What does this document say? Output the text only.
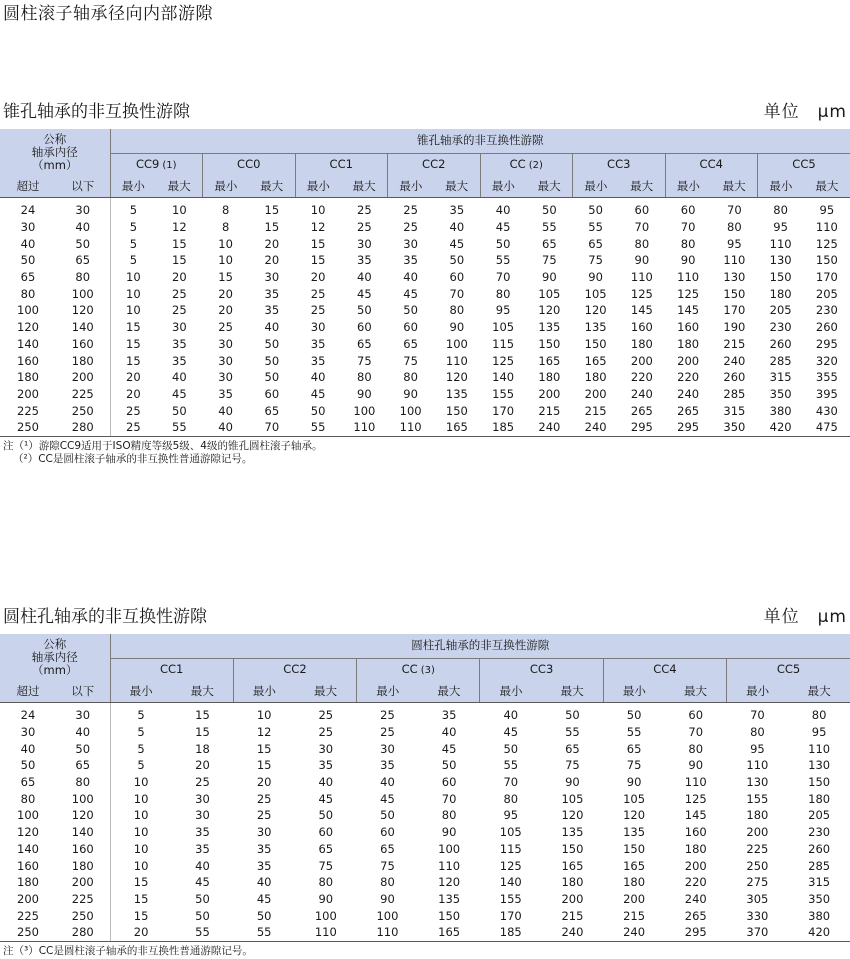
圆柱滚子轴承径向内部游隙
锥孔轴承的非互换性游隙	单位　μm
公称
轴承内径
（mm）		锥孔轴承的非互换性游隙															
		CC9 (1)		CC0		CC1		CC2		CC (2)		CC3		CC4		CC5	
超过	以下	最小	最大	最小	最大	最小	最大	最小	最大	最小	最大	最小	最大	最小	最大	最小	最大
24	30	5	10	8	15	10	25	25	35	40	50	50	60	60	70	80	95
30	40	5	12	8	15	12	25	25	40	45	55	55	70	70	80	95	110
40	50	5	15	10	20	15	30	30	45	50	65	65	80	80	95	110	125
50	65	5	15	10	20	15	35	35	50	55	75	75	90	90	110	130	150
65	80	10	20	15	30	20	40	40	60	70	90	90	110	110	130	150	170
80	100	10	25	20	35	25	45	45	70	80	105	105	125	125	150	180	205
100	120	10	25	20	35	25	50	50	80	95	120	120	145	145	170	205	230
120	140	15	30	25	40	30	60	60	90	105	135	135	160	160	190	230	260
140	160	15	35	30	50	35	65	65	100	115	150	150	180	180	215	260	295
160	180	15	35	30	50	35	75	75	110	125	165	165	200	200	240	285	320
180	200	20	40	30	50	40	80	80	120	140	180	180	220	220	260	315	355
200	225	20	45	35	60	45	90	90	135	155	200	200	240	240	285	350	395
225	250	25	50	40	65	50	100	100	150	170	215	215	265	265	315	380	430
250	280	25	55	40	70	55	110	110	165	185	240	240	295	295	350	420	475
注（¹）游隙CC9适用于ISO精度等级5级、4级的锥孔圆柱滚子轴承。
（²）CC是圆柱滚子轴承的非互换性普通游隙记号。
圆柱孔轴承的非互换性游隙	单位　μm
公称
轴承内径
（mm）		圆柱孔轴承的非互换性游隙											
		CC1		CC2		CC (3)		CC3		CC4		CC5	
超过	以下	最小	最大	最小	最大	最小	最大	最小	最大	最小	最大	最小	最大
24	30	5	15	10	25	25	35	40	50	50	60	70	80
30	40	5	15	12	25	25	40	45	55	55	70	80	95
40	50	5	18	15	30	30	45	50	65	65	80	95	110
50	65	5	20	15	35	35	50	55	75	75	90	110	130
65	80	10	25	20	40	40	60	70	90	90	110	130	150
80	100	10	30	25	45	45	70	80	105	105	125	155	180
100	120	10	30	25	50	50	80	95	120	120	145	180	205
120	140	10	35	30	60	60	90	105	135	135	160	200	230
140	160	10	35	35	65	65	100	115	150	150	180	225	260
160	180	10	40	35	75	75	110	125	165	165	200	250	285
180	200	15	45	40	80	80	120	140	180	180	220	275	315
200	225	15	50	45	90	90	135	155	200	200	240	305	350
225	250	15	50	50	100	100	150	170	215	215	265	330	380
250	280	20	55	55	110	110	165	185	240	240	295	370	420
注（³）CC是圆柱滚子轴承的非互换性普通游隙记号。
